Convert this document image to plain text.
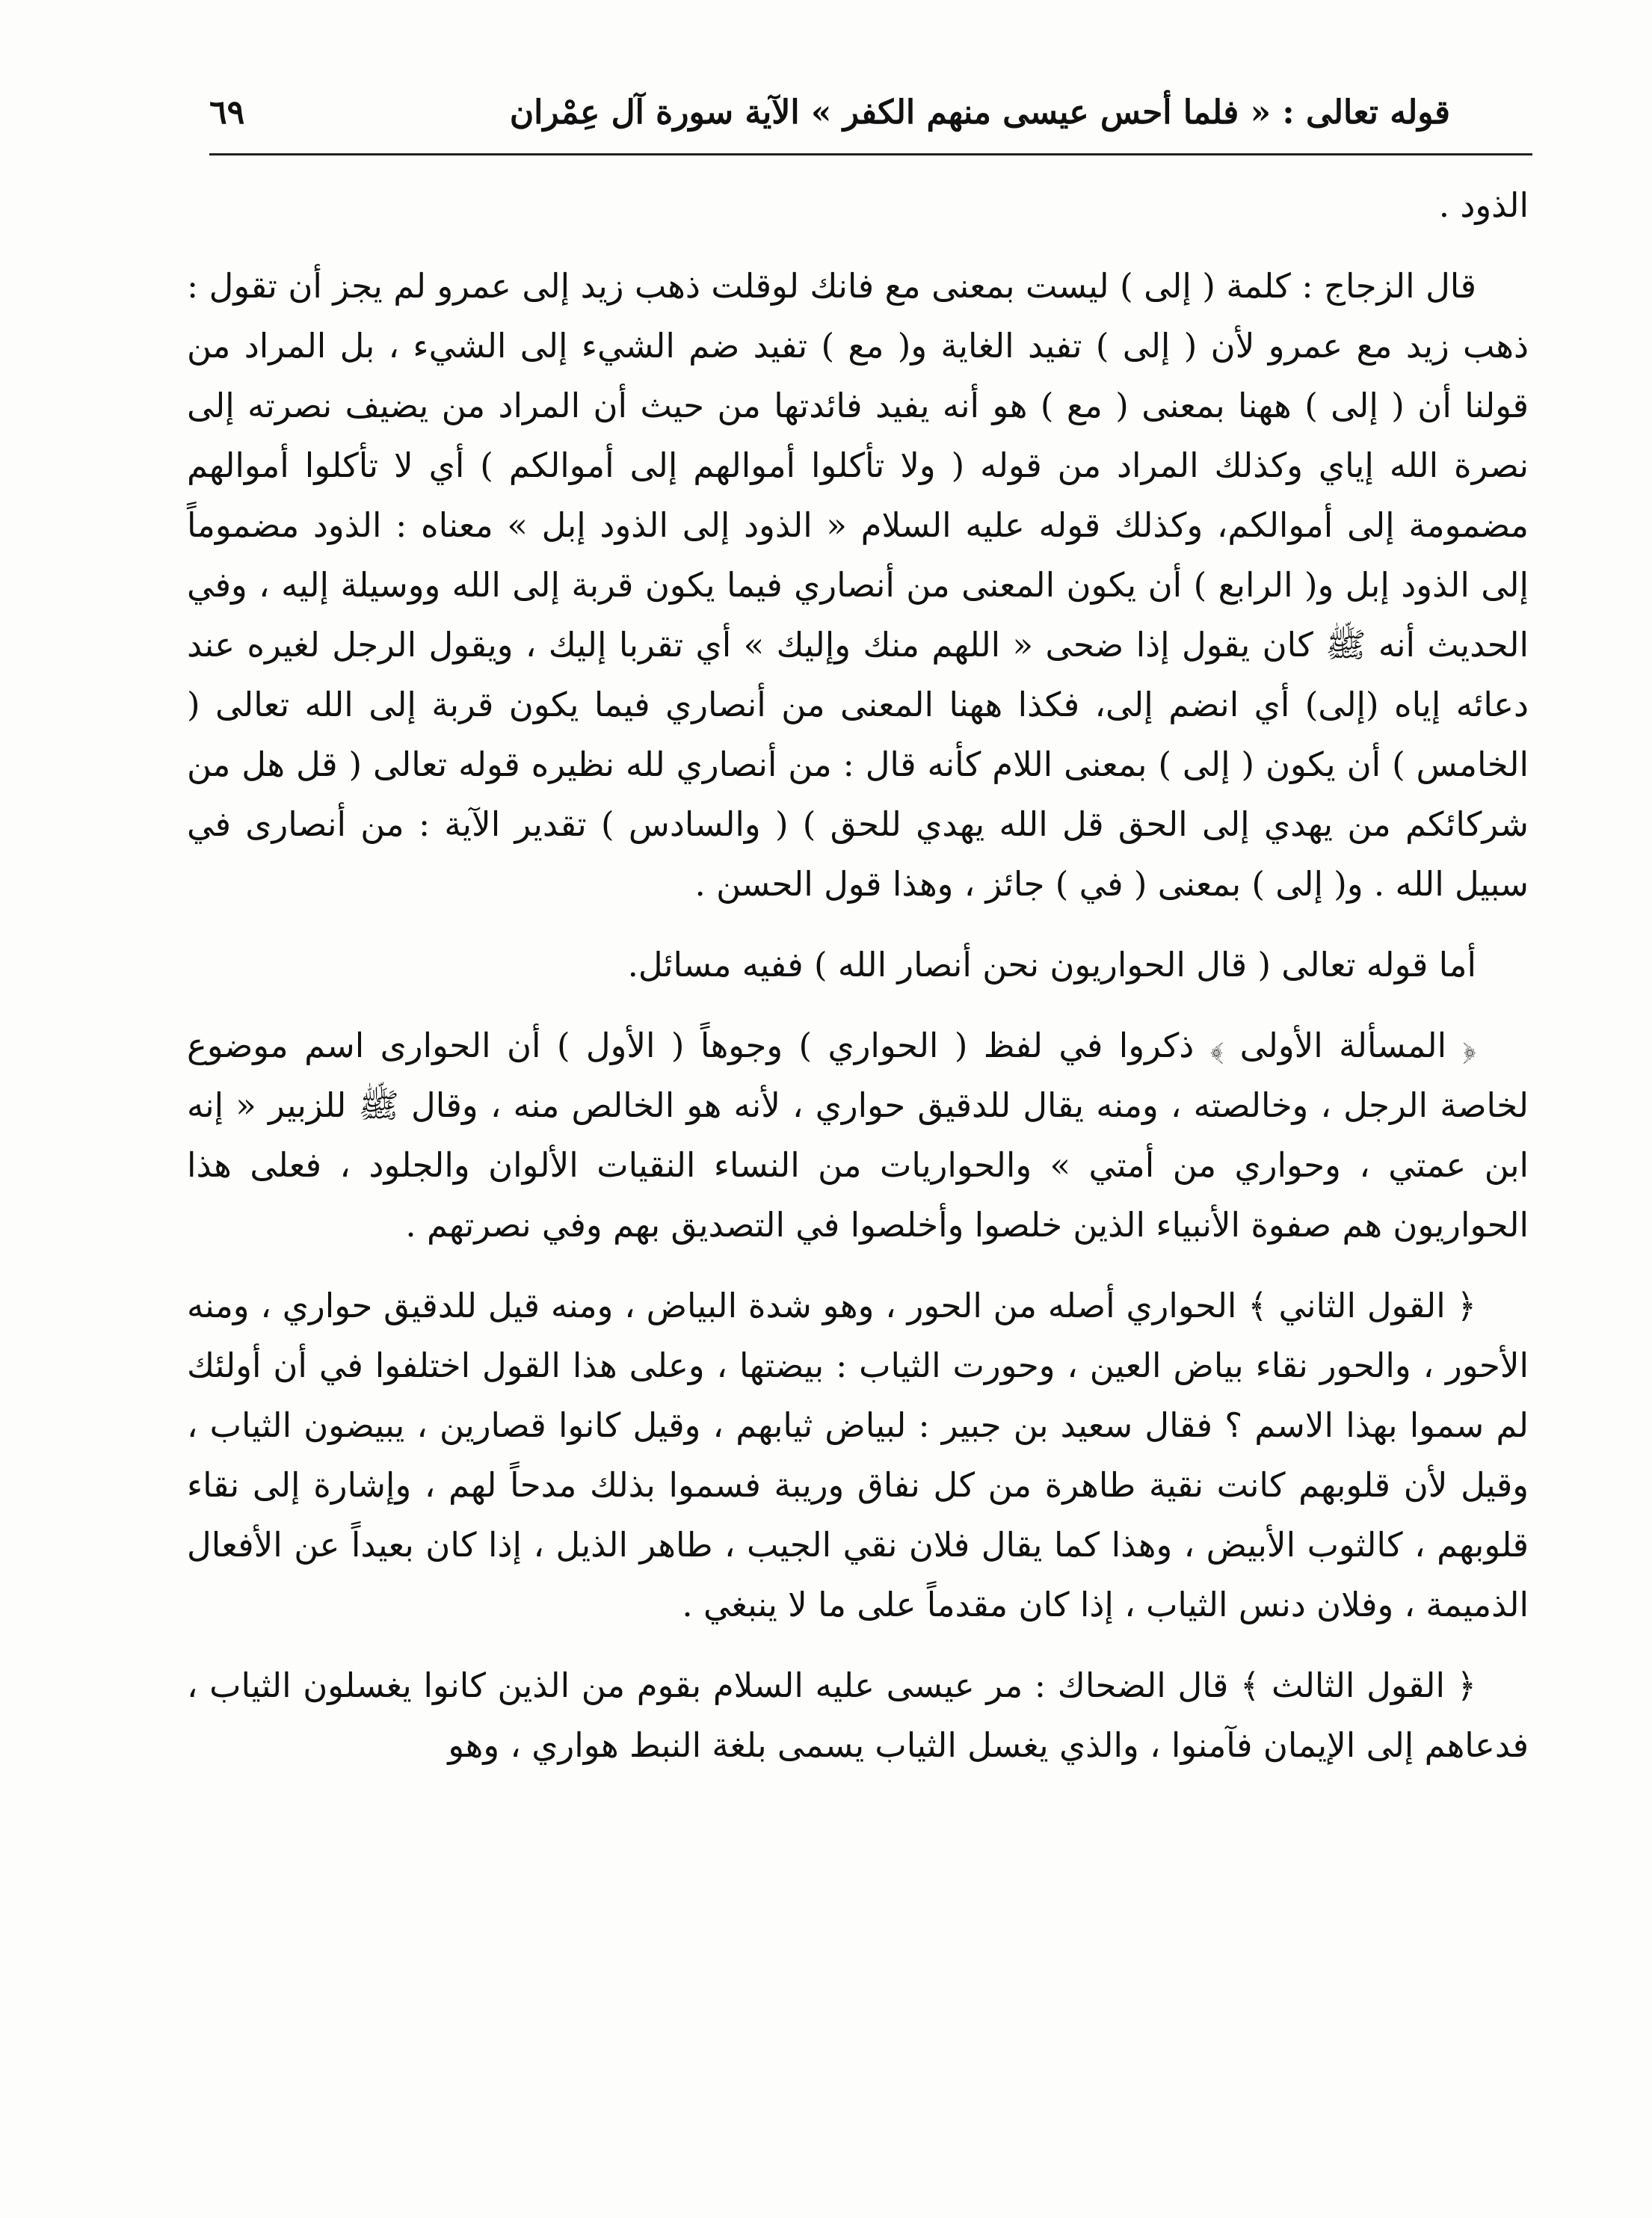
قوله تعالى : « فلما أحس عيسى منهم الكفر » الآية سورة آل عِمْران
٦٩

الذود .

قال الزجاج : كلمة ( إلى ) ليست بمعنى مع فانك لوقلت ذهب زيد إلى عمرو لم يجز أن تقول : ذهب زيد مع عمرو لأن ( إلى ) تفيد الغاية و( مع ) تفيد ضم الشيء إلى الشيء ، بل المراد من قولنا أن ( إلى ) ههنا بمعنى ( مع ) هو أنه يفيد فائدتها من حيث أن المراد من يضيف نصرته إلى نصرة الله إياي وكذلك المراد من قوله ( ولا تأكلوا أموالهم إلى أموالكم ) أي لا تأكلوا أموالهم مضمومة إلى أموالكم، وكذلك قوله عليه السلام « الذود إلى الذود إبل » معناه : الذود مضموماً إلى الذود إبل و( الرابع ) أن يكون المعنى من أنصاري فيما يكون قربة إلى الله ووسيلة إليه ، وفي الحديث أنه ﷺ كان يقول إذا ضحى « اللهم منك وإليك » أي تقربا إليك ، ويقول الرجل لغيره عند دعائه إياه (إلى) أي انضم إلى، فكذا ههنا المعنى من أنصاري فيما يكون قربة إلى الله تعالى ( الخامس ) أن يكون ( إلى ) بمعنى اللام كأنه قال : من أنصاري لله نظيره قوله تعالى ( قل هل من شركائكم من يهدي إلى الحق قل الله يهدي للحق ) ( والسادس ) تقدير الآية : من أنصارى في سبيل الله . و( إلى ) بمعنى ( في ) جائز ، وهذا قول الحسن .

أما قوله تعالى ( قال الحواريون نحن أنصار الله ) ففيه مسائل.

﴿ المسألة الأولى ﴾ ذكروا في لفظ ( الحواري ) وجوهاً ( الأول ) أن الحوارى اسم موضوع لخاصة الرجل ، وخالصته ، ومنه يقال للدقيق حواري ، لأنه هو الخالص منه ، وقال ﷺ للزبير « إنه ابن عمتي ، وحواري من أمتي » والحواريات من النساء النقيات الألوان والجلود ، فعلى هذا الحواريون هم صفوة الأنبياء الذين خلصوا وأخلصوا في التصديق بهم وفي نصرتهم .

﴿ القول الثاني ﴾ الحواري أصله من الحور ، وهو شدة البياض ، ومنه قيل للدقيق حواري ، ومنه الأحور ، والحور نقاء بياض العين ، وحورت الثياب : بيضتها ، وعلى هذا القول اختلفوا في أن أولئك لم سموا بهذا الاسم ؟ فقال سعيد بن جبير : لبياض ثيابهم ، وقيل كانوا قصارين ، يبيضون الثياب ، وقيل لأن قلوبهم كانت نقية طاهرة من كل نفاق وريبة فسموا بذلك مدحاً لهم ، وإشارة إلى نقاء قلوبهم ، كالثوب الأبيض ، وهذا كما يقال فلان نقي الجيب ، طاهر الذيل ، إذا كان بعيداً عن الأفعال الذميمة ، وفلان دنس الثياب ، إذا كان مقدماً على ما لا ينبغي .

﴿ القول الثالث ﴾ قال الضحاك : مر عيسى عليه السلام بقوم من الذين كانوا يغسلون الثياب ، فدعاهم إلى الإيمان فآمنوا ، والذي يغسل الثياب يسمى بلغة النبط هواري ، وهو
